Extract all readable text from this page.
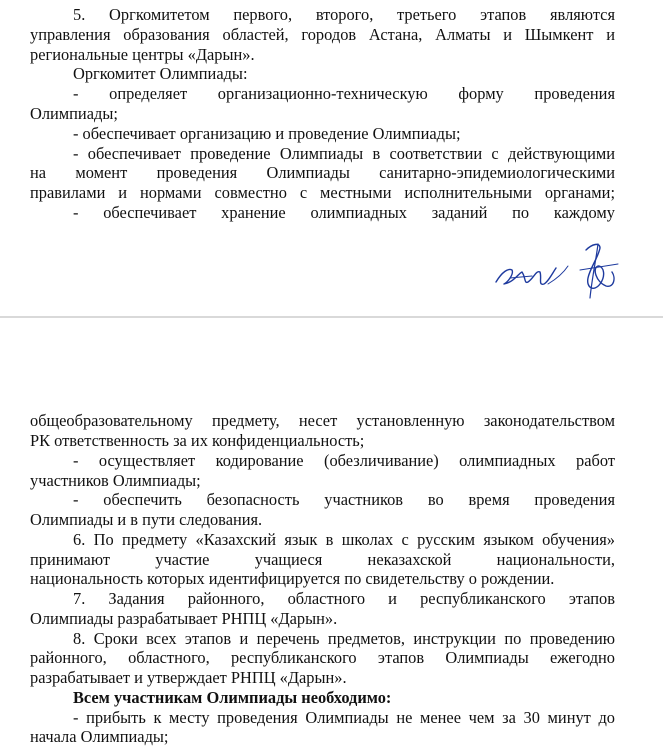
5. Оргкомитетом первого, второго, третьего этапов являются
управления образования областей, городов Астана, Алматы и Шымкент и
региональные центры «Дарын».
Оргкомитет Олимпиады:
- определяет организационно-техническую форму проведения
Олимпиады;
- обеспечивает организацию и проведение Олимпиады;
- обеспечивает проведение Олимпиады в соответствии с действующими
на момент проведения Олимпиады санитарно-эпидемиологическими
правилами и нормами совместно с местными исполнительными органами;
- обеспечивает хранение олимпиадных заданий по каждому
общеобразовательному предмету, несет установленную законодательством
РК ответственность за их конфиденциальность;
- осуществляет кодирование (обезличивание) олимпиадных работ
участников Олимпиады;
- обеспечить безопасность участников во время проведения
Олимпиады и в пути следования.
6. По предмету «Казахский язык в школах с русским языком обучения»
принимают участие учащиеся неказахской национальности,
национальность которых идентифицируется по свидетельству о рождении.
7. Задания районного, областного и республиканского этапов
Олимпиады разрабатывает РНПЦ «Дарын».
8. Сроки всех этапов и перечень предметов, инструкции по проведению
районного, областного, республиканского этапов Олимпиады ежегодно
разрабатывает и утверждает РНПЦ «Дарын».
Всем участникам Олимпиады необходимо:
- прибыть к месту проведения Олимпиады не менее чем за 30 минут до
начала Олимпиады;
